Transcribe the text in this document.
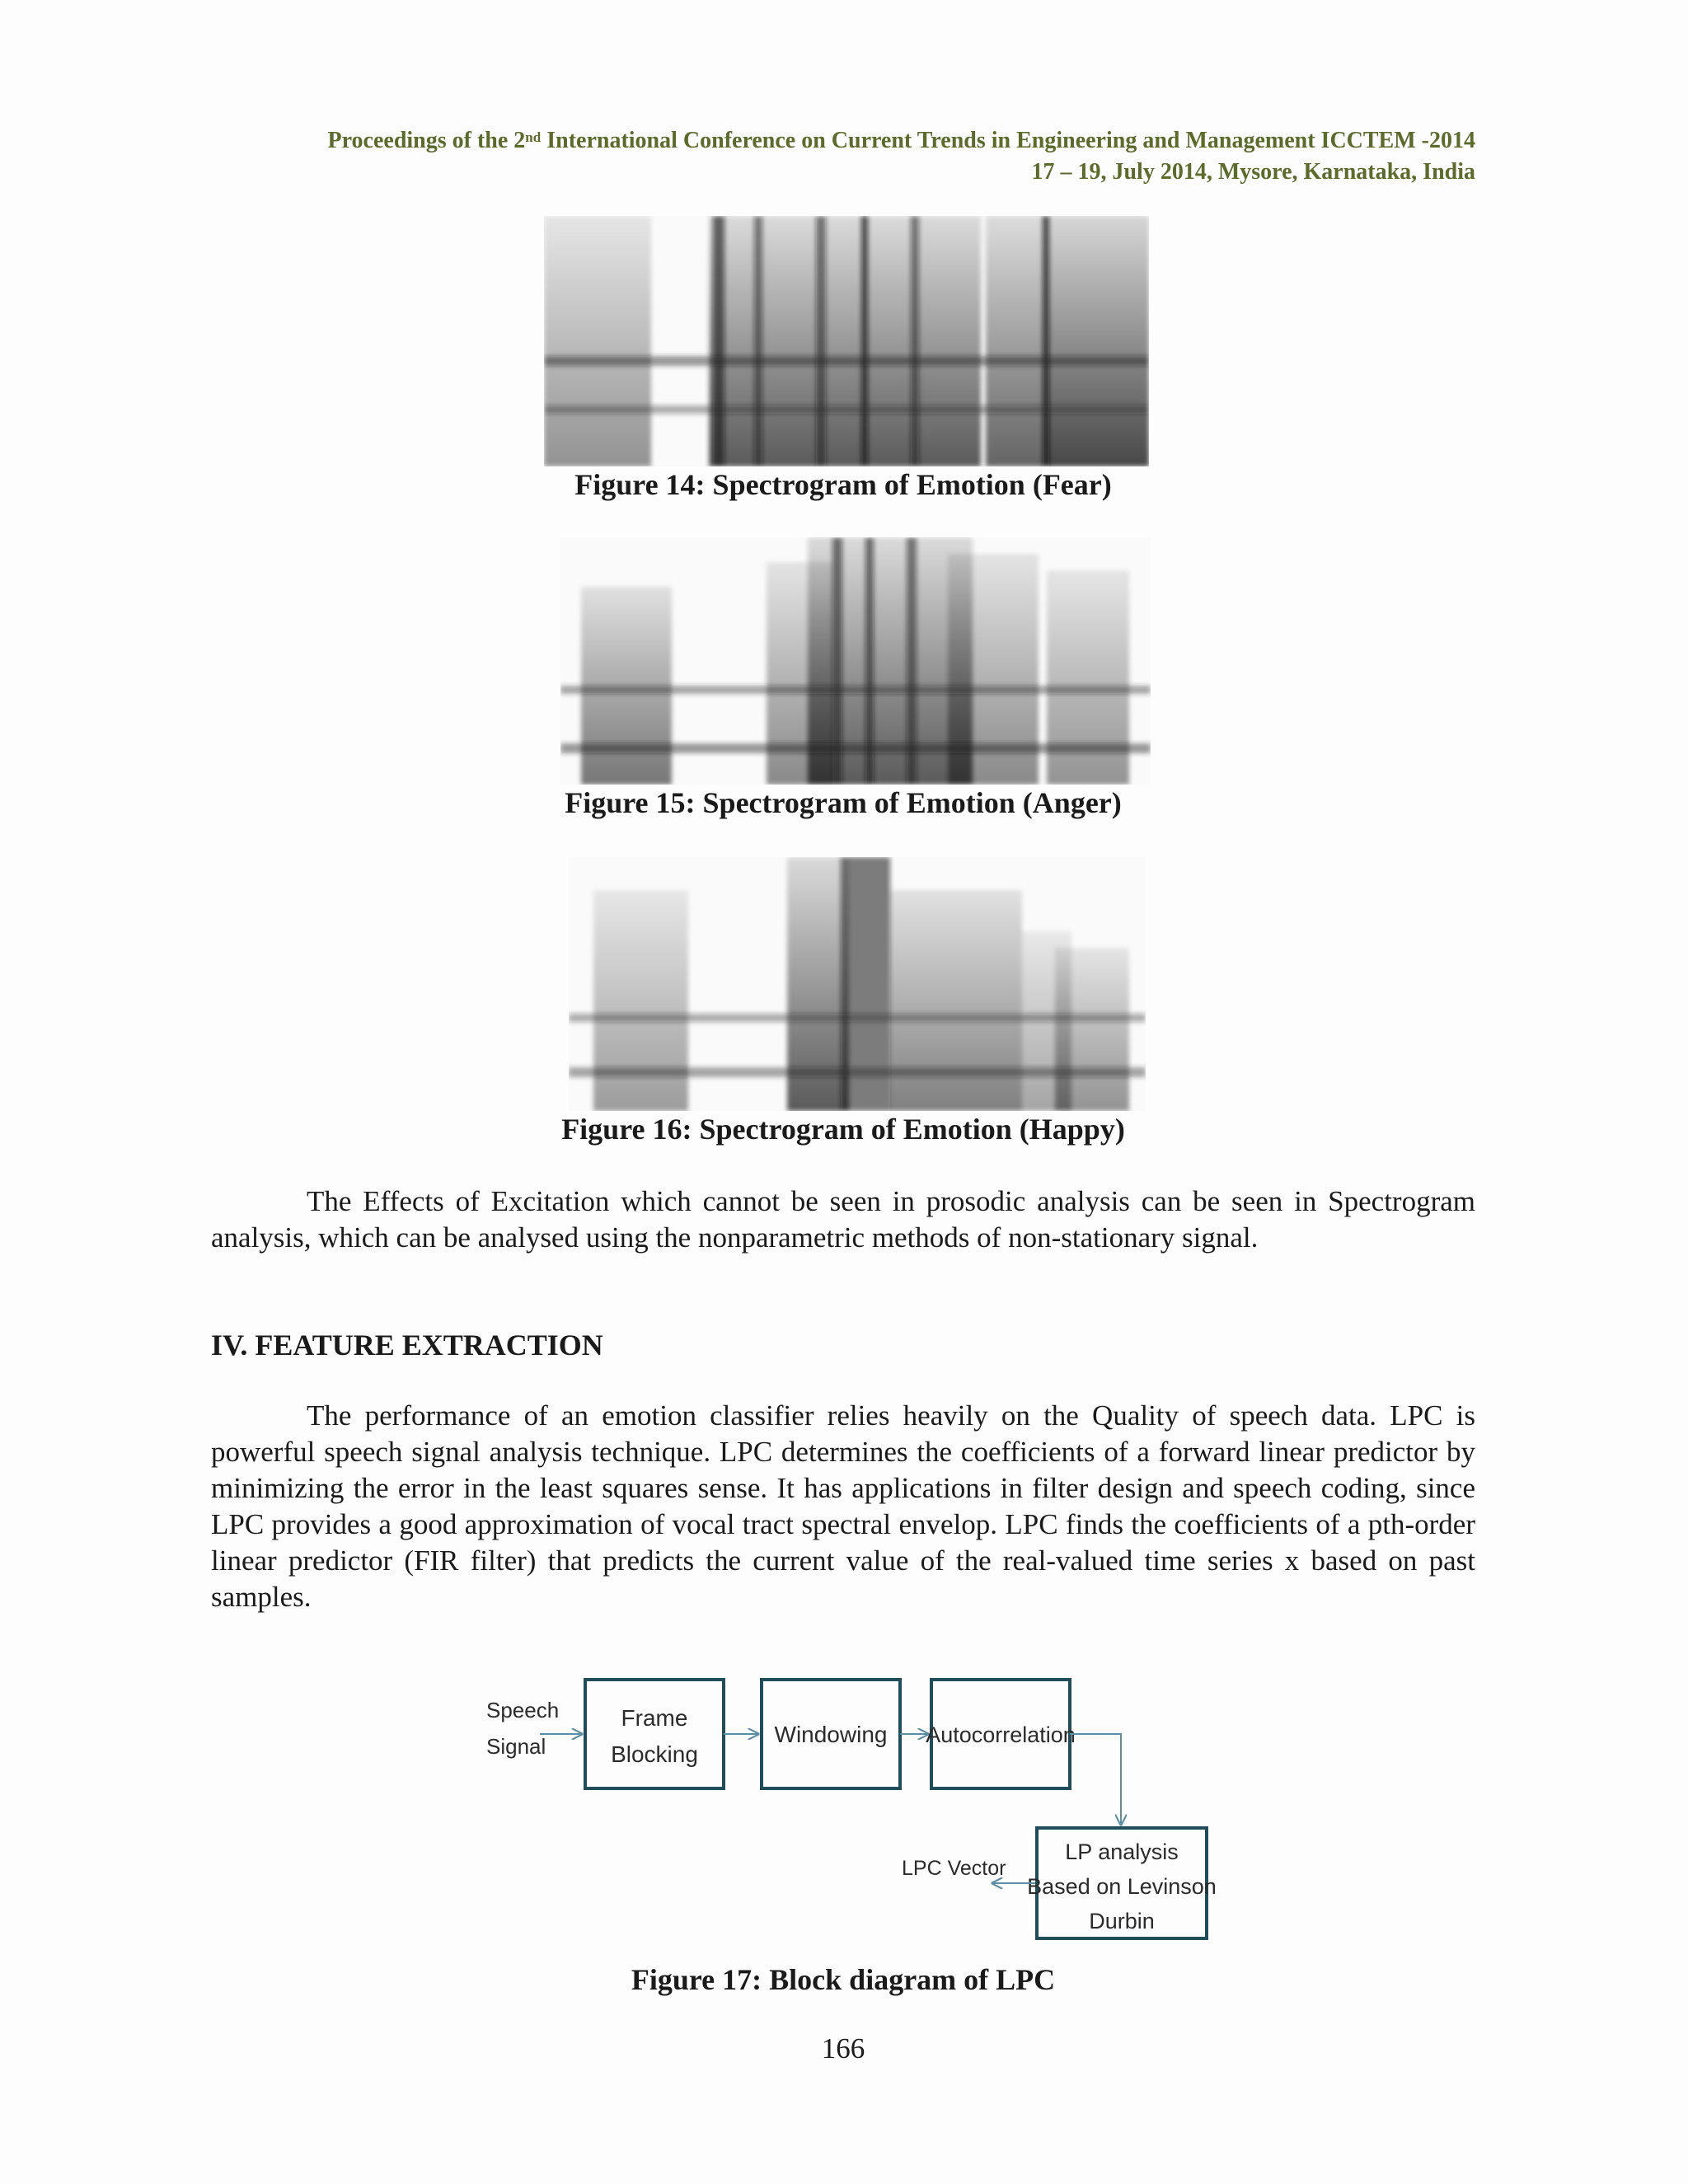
Proceedings of the 2nd International Conference on Current Trends in Engineering and Management ICCTEM -2014
17 – 19, July 2014, Mysore, Karnataka, India
Figure 14: Spectrogram of Emotion (Fear)
Figure 15: Spectrogram of Emotion (Anger)
Figure 16: Spectrogram of Emotion (Happy)

The Effects of Excitation which cannot be seen in prosodic analysis can be seen in Spectrogram analysis, which can be analysed using the nonparametric methods of non-stationary signal.

IV. FEATURE EXTRACTION

The performance of an emotion classifier relies heavily on the Quality of speech data. LPC is powerful speech signal analysis technique. LPC determines the coefficients of a forward linear predictor by minimizing the error in the least squares sense. It has applications in filter design and speech coding, since LPC provides a good approximation of vocal tract spectral envelop. LPC finds the coefficients of a pth-order linear predictor (FIR filter) that predicts the current value of the real-valued time series x based on past samples.

Speech
Signal
Frame
Blocking
Windowing Autocorrelation
LP analysis
Based on Levinson
Durbin
LPC Vector
Figure 17: Block diagram of LPC
166
